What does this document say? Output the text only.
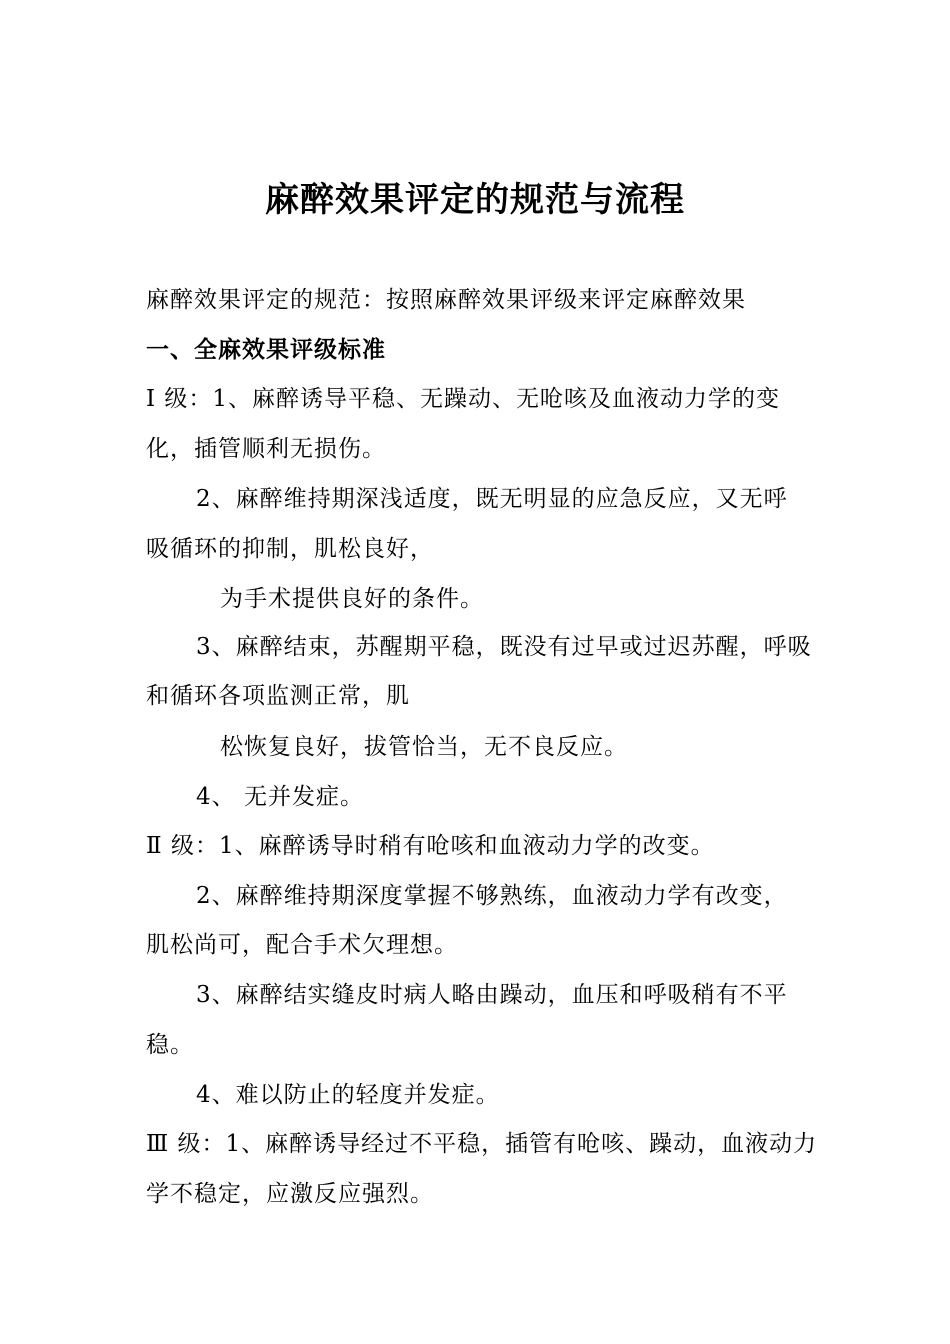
麻醉效果评定的规范与流程
麻醉效果评定的规范：按照麻醉效果评级来评定麻醉效果
一、全麻效果评级标准
Ⅰ 级：1、麻醉诱导平稳、无躁动、无呛咳及血液动力学的变
化，插管顺利无损伤。
2、麻醉维持期深浅适度，既无明显的应急反应，又无呼
吸循环的抑制，肌松良好，
为手术提供良好的条件。
3、麻醉结束，苏醒期平稳，既没有过早或过迟苏醒，呼吸
和循环各项监测正常，肌
松恢复良好，拔管恰当，无不良反应。
4、 无并发症。
Ⅱ 级：1、麻醉诱导时稍有呛咳和血液动力学的改变。
2、麻醉维持期深度掌握不够熟练，血液动力学有改变，
肌松尚可，配合手术欠理想。
3、麻醉结实缝皮时病人略由躁动，血压和呼吸稍有不平
稳。
4、难以防止的轻度并发症。
Ⅲ 级：1、麻醉诱导经过不平稳，插管有呛咳、躁动，血液动力
学不稳定，应激反应强烈。
